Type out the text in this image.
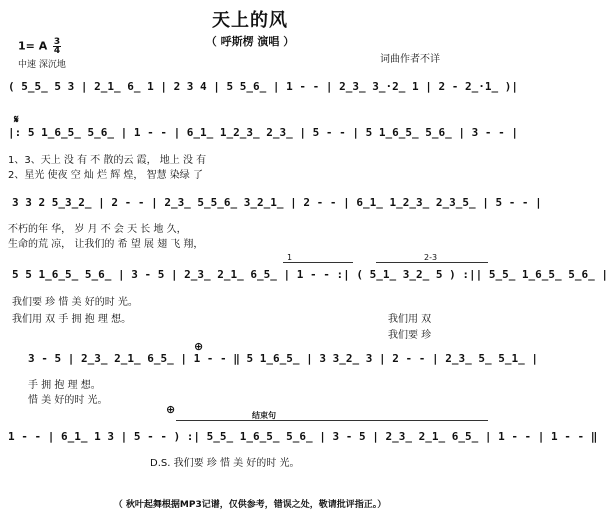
天上的风
（ 呼斯楞 演唱 ）
1= A $\frac{3}{4}$
中速 深沉地	词曲作者不详
( 5̲5̲ 5 3 | 2̲1̲ 6̲ 1 | 2 3 4 | 5 5̲6̲ | 1 - - | 2̲3̲ 3̲·2̲ 1 | 2 - 2̲·1̲ )|
𝄋
|: 5 1̲6̲5̲ 5̲6̲ | 1 - - | 6̲1̲ 1̲2̲3̲ 2̲3̲ | 5 - - | 5 1̲6̲5̲ 5̲6̲ | 3 - - |
1、3、天上 没 有 不 散的云 霞， 地上 没 有
2、星光 使夜 空 灿 烂 辉 煌， 智慧 染绿 了
3 3 2 5̲3̲2̲ | 2 - - | 2̲3̲ 5̲5̲6̲ 3̲2̲1̲ | 2 - - | 6̲1̲ 1̲2̲3̲ 2̲3̲5̲ | 5 - - |
不朽的年 华， 岁 月 不 会 天 长 地 久，
生命的荒 凉， 让我们的 希 望 展 翅 飞 翔，
1	2-3
5 5 1̲6̲5̲ 5̲6̲ | 3 - 5 | 2̲3̲ 2̲1̲ 6̲5̲ | 1 - - :| ( 5̲1̲ 3̲2̲ 5 ) :|| 5̲5̲ 1̲6̲5̲ 5̲6̲ |
我们要 珍 惜 美 好的时 光。
我们用 双 手 拥 抱 理 想。	我们用 双
我们要 珍
⊕
3 - 5 | 2̲3̲ 2̲1̲ 6̲5̲ | 1 - - ‖ 5 1̲6̲5̲ | 3 3̲2̲ 3 | 2 - - | 2̲3̲ 5̲ 5̲1̲ |
手 拥 抱 理 想。
惜 美 好的时 光。
⊕	结束句
1 - - | 6̲1̲ 1 3 | 5 - - ) :| 5̲5̲ 1̲6̲5̲ 5̲6̲ | 3 - 5 | 2̲3̲ 2̲1̲ 6̲5̲ | 1 - - | 1 - - ‖
D.S. 我们要 珍 惜 美 好的时 光。
（ 秋叶起舞根据MP3记谱，仅供参考，错误之处，敬请批评指正。）
